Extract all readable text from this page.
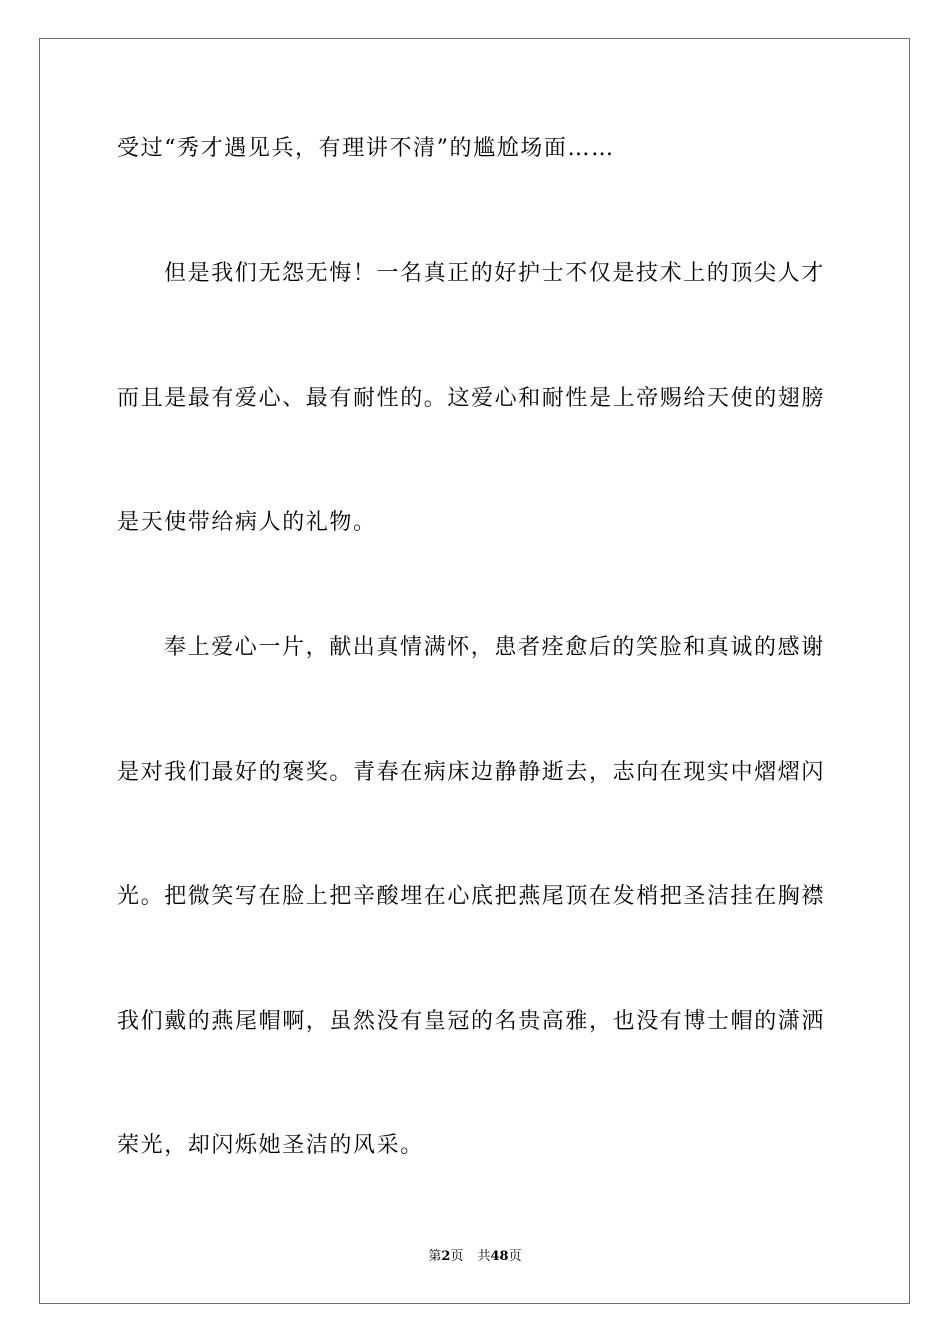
受过“秀才遇见兵，有理讲不清”的尴尬场面……
但是我们无怨无悔！一名真正的好护士不仅是技术上的顶尖人才
而且是最有爱心、最有耐性的。这爱心和耐性是上帝赐给天使的翅膀
是天使带给病人的礼物。
奉上爱心一片，献出真情满怀，患者痊愈后的笑脸和真诚的感谢
是对我们最好的褒奖。青春在病床边静静逝去，志向在现实中熠熠闪
光。把微笑写在脸上把辛酸埋在心底把燕尾顶在发梢把圣洁挂在胸襟
我们戴的燕尾帽啊，虽然没有皇冠的名贵高雅，也没有博士帽的潇洒
荣光，却闪烁她圣洁的风采。
第2页 共48页
